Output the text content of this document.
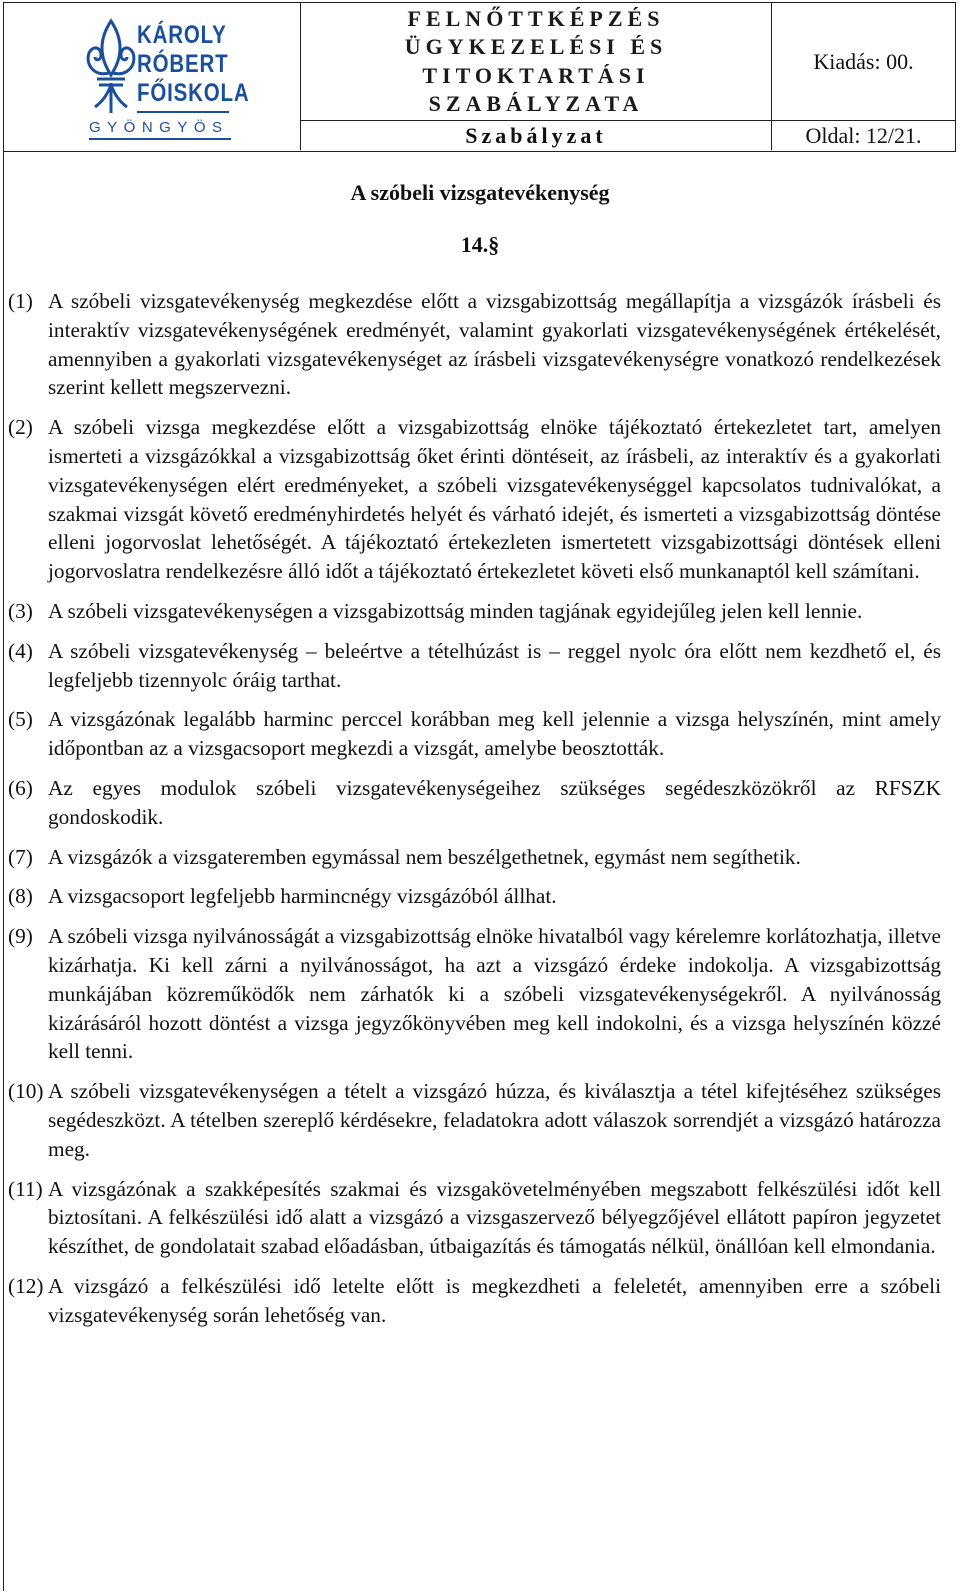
KÁROLY
RÓBERT
FŐISKOLA
GYÖNGYÖS
FELNŐTTKÉPZÉS
ÜGYKEZELÉSI ÉS
TITOKTARTÁSI
SZABÁLYZATA
Kiadás: 00.
Szabályzat	Oldal: 12/21.
A szóbeli vizsgatevékenység
14.§
(1) A szóbeli vizsgatevékenység megkezdése előtt a vizsgabizottság megállapítja a vizsgázók írásbeli és interaktív vizsgatevékenységének eredményét, valamint gyakorlati vizsgatevékenységének értékelését, amennyiben a gyakorlati vizsgatevékenységet az írásbeli vizsgatevékenységre vonatkozó rendelkezések szerint kellett megszervezni.
(2) A szóbeli vizsga megkezdése előtt a vizsgabizottság elnöke tájékoztató értekezletet tart, amelyen ismerteti a vizsgázókkal a vizsgabizottság őket érinti döntéseit, az írásbeli, az interaktív és a gyakorlati vizsgatevékenységen elért eredményeket, a szóbeli vizsgatevékenységgel kapcsolatos tudnivalókat, a szakmai vizsgát követő eredményhirdetés helyét és várható idejét, és ismerteti a vizsgabizottság döntése elleni jogorvoslat lehetőségét. A tájékoztató értekezleten ismertetett vizsgabizottsági döntések elleni jogorvoslatra rendelkezésre álló időt a tájékoztató értekezletet követi első munkanaptól kell számítani.
(3) A szóbeli vizsgatevékenységen a vizsgabizottság minden tagjának egyidejűleg jelen kell lennie.
(4) A szóbeli vizsgatevékenység – beleértve a tételhúzást is – reggel nyolc óra előtt nem kezdhető el, és legfeljebb tizennyolc óráig tarthat.
(5) A vizsgázónak legalább harminc perccel korábban meg kell jelennie a vizsga helyszínén, mint amely időpontban az a vizsgacsoport megkezdi a vizsgát, amelybe beosztották.
(6) Az egyes modulok szóbeli vizsgatevékenységeihez szükséges segédeszközökről az RFSZK gondoskodik.
(7) A vizsgázók a vizsgateremben egymással nem beszélgethetnek, egymást nem segíthetik.
(8) A vizsgacsoport legfeljebb harmincnégy vizsgázóból állhat.
(9) A szóbeli vizsga nyilvánosságát a vizsgabizottság elnöke hivatalból vagy kérelemre korlátozhatja, illetve kizárhatja. Ki kell zárni a nyilvánosságot, ha azt a vizsgázó érdeke indokolja. A vizsgabizottság munkájában közreműködők nem zárhatók ki a szóbeli vizsgatevékenységekről. A nyilvánosság kizárásáról hozott döntést a vizsga jegyzőkönyvében meg kell indokolni, és a vizsga helyszínén közzé kell tenni.
(10) A szóbeli vizsgatevékenységen a tételt a vizsgázó húzza, és kiválasztja a tétel kifejtéséhez szükséges segédeszközt. A tételben szereplő kérdésekre, feladatokra adott válaszok sorrendjét a vizsgázó határozza meg.
(11) A vizsgázónak a szakképesítés szakmai és vizsgakövetelményében megszabott felkészülési időt kell biztosítani. A felkészülési idő alatt a vizsgázó a vizsgaszervező bélyegzőjével ellátott papíron jegyzetet készíthet, de gondolatait szabad előadásban, útbaigazítás és támogatás nélkül, önállóan kell elmondania.
(12) A vizsgázó a felkészülési idő letelte előtt is megkezdheti a feleletét, amennyiben erre a szóbeli vizsgatevékenység során lehetőség van.
